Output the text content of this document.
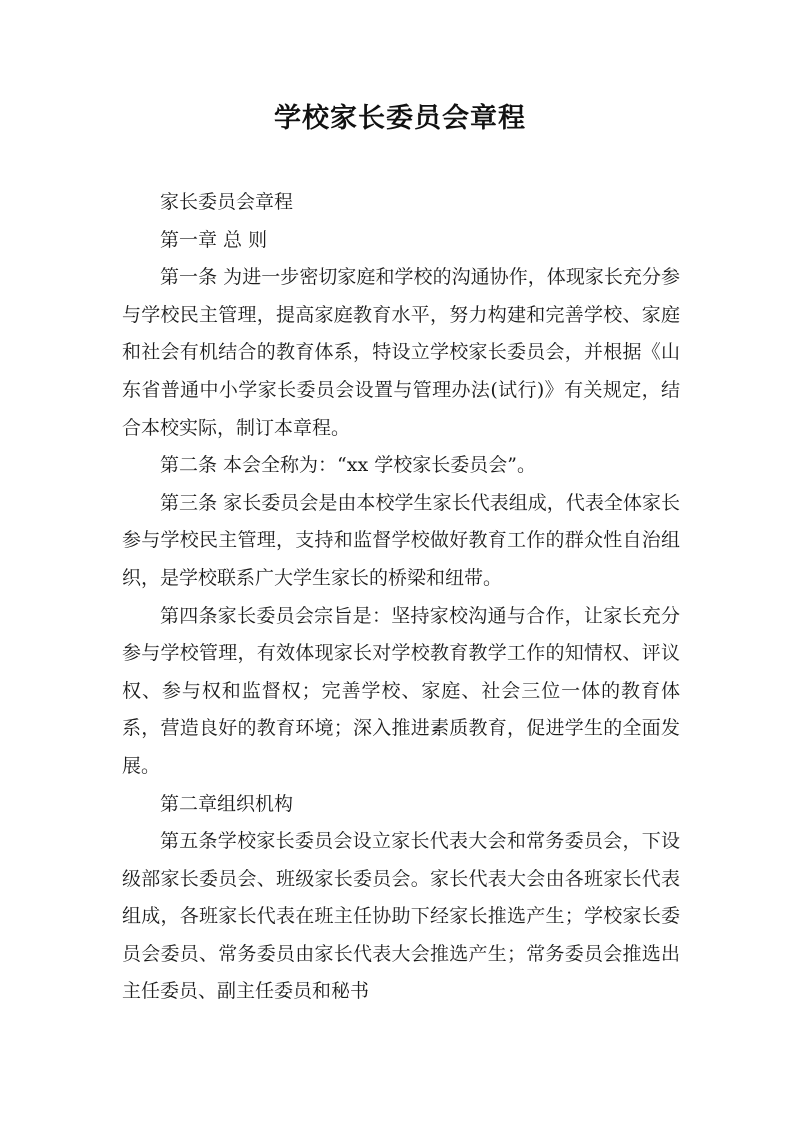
学校家长委员会章程

家长委员会章程

第一章 总 则

第一条 为进一步密切家庭和学校的沟通协作，体现家长充分参与学校民主管理，提高家庭教育水平，努力构建和完善学校、家庭和社会有机结合的教育体系，特设立学校家长委员会，并根据《山东省普通中小学家长委员会设置与管理办法(试行)》有关规定，结合本校实际，制订本章程。

第二条 本会全称为：“xx 学校家长委员会”。

第三条 家长委员会是由本校学生家长代表组成，代表全体家长参与学校民主管理，支持和监督学校做好教育工作的群众性自治组织，是学校联系广大学生家长的桥梁和纽带。

第四条家长委员会宗旨是：坚持家校沟通与合作，让家长充分参与学校管理，有效体现家长对学校教育教学工作的知情权、评议权、参与权和监督权；完善学校、家庭、社会三位一体的教育体系，营造良好的教育环境；深入推进素质教育，促进学生的全面发展。

第二章组织机构

第五条学校家长委员会设立家长代表大会和常务委员会，下设级部家长委员会、班级家长委员会。家长代表大会由各班家长代表组成，各班家长代表在班主任协助下经家长推选产生；学校家长委员会委员、常务委员由家长代表大会推选产生；常务委员会推选出主任委员、副主任委员和秘书
